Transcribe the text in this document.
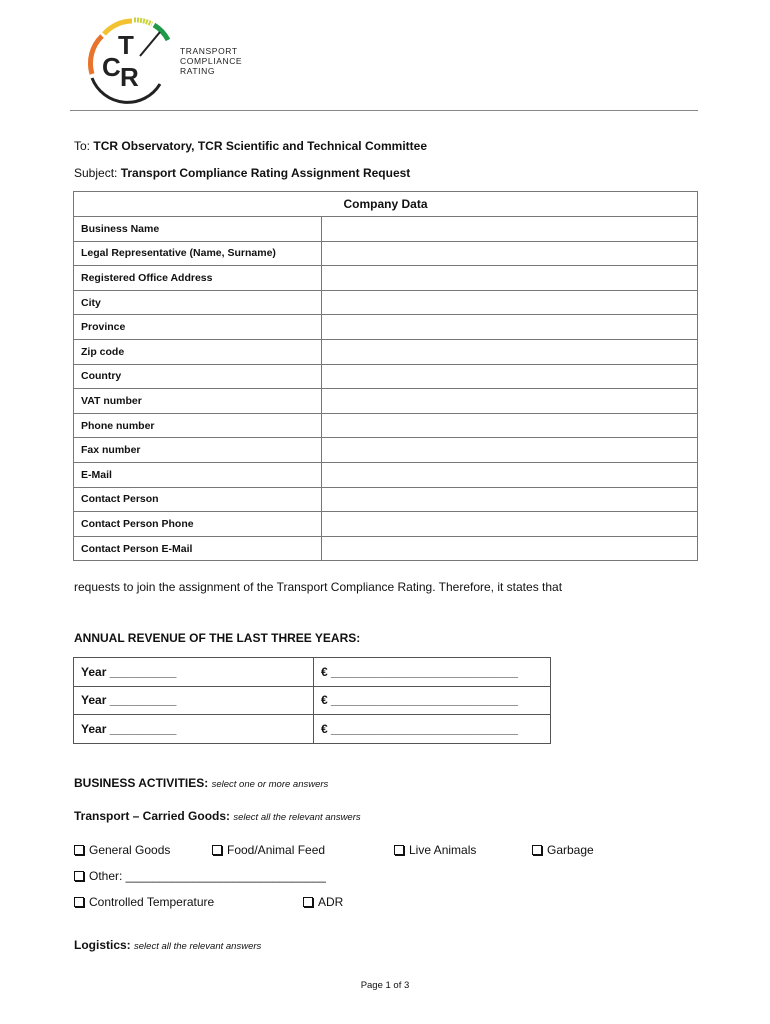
T
C R
TRANSPORT
COMPLIANCE
RATING
To: TCR Observatory, TCR Scientific and Technical Committee
Subject: Transport Compliance Rating Assignment Request
Company Data	
Business Name	
Legal Representative (Name, Surname)	
Registered Office Address	
City	
Province	
Zip code	
Country	
VAT number	
Phone number	
Fax number	
E-Mail	
Contact Person	
Contact Person Phone	
Contact Person E-Mail	
requests to join the assignment of the Transport Compliance Rating. Therefore, it states that
ANNUAL REVENUE OF THE LAST THREE YEARS:
Year __________	€ ____________________________
Year __________	€ ____________________________
Year __________	€ ____________________________
BUSINESS ACTIVITIES: select one or more answers
Transport – Carried Goods: select all the relevant answers
General Goods	Food/Animal Feed	Live Animals	Garbage
Other: ______________________________
Controlled Temperature	ADR
Logistics: select all the relevant answers
Page 1 of 3
